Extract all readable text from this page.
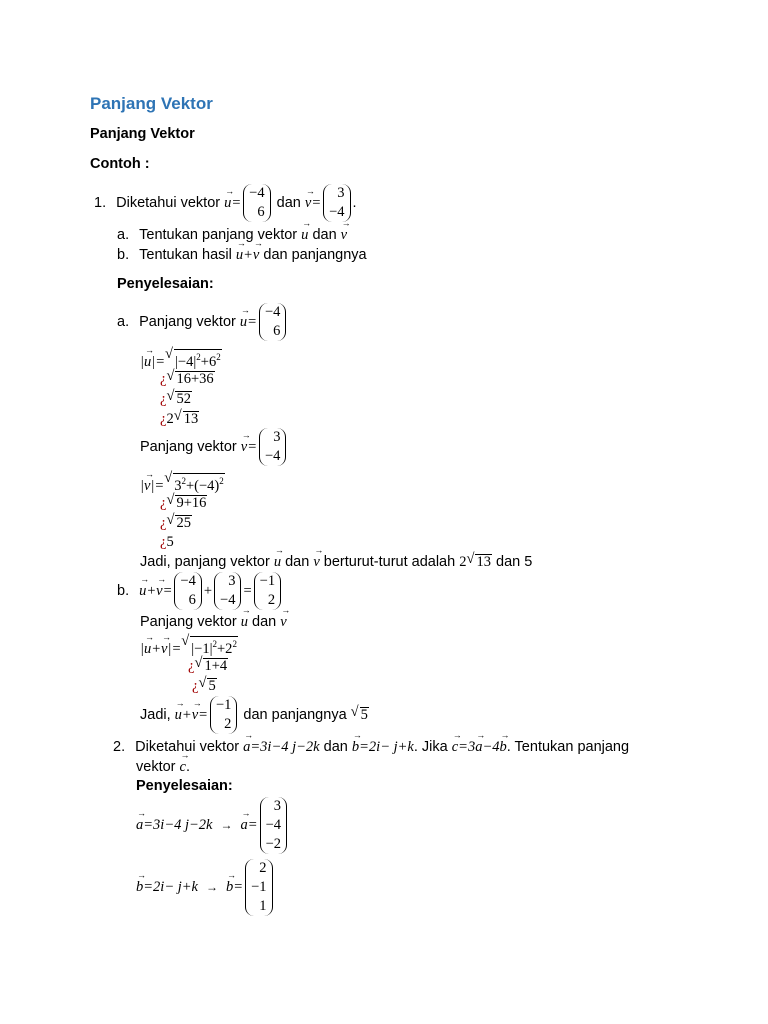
Panjang Vektor
Panjang Vektor
Contoh :
1. Diketahui vektor → u=
−4
6
dan → v=
3
−4
.
a. Tentukan panjang vektor → u dan → v
b. Tentukan hasil → u+→ v dan panjangnya
Penyelesaian:
a. Panjang vektor → u=
−4
6
|→ u|= √ $|-4|^2+6^2$
¿ √ 16+36
¿ √ 52
¿2 √ 13
Panjang vektor → v=
3
−4
|→ v|= √ $3^2+(-4)^2$
¿ √ 9+16
¿ √ 25
¿5
Jadi, panjang vektor → u dan → v berturut-turut adalah 2 √ 13 dan 5
b. → u+→ v=
−4
6
+
3
−4
=
−1
2
Panjang vektor → u dan → v
|→ u+→ v|= √ $|-1|^2+2^2$
¿ √ 1+4
¿ √ 5
Jadi, → u+→ v=
−1
2
dan panjangnya √ 5
2. Diketahui vektor → a=3i−4 j−2k dan → b=2i− j+k. Jika → c=3→ a−4→ b. Tentukan panjang
vektor → c.
Penyelesaian:
→ a=3i−4 j−2k → → a=
3
−4
−2
→ b=2i− j+k → → b=
2
−1
1
